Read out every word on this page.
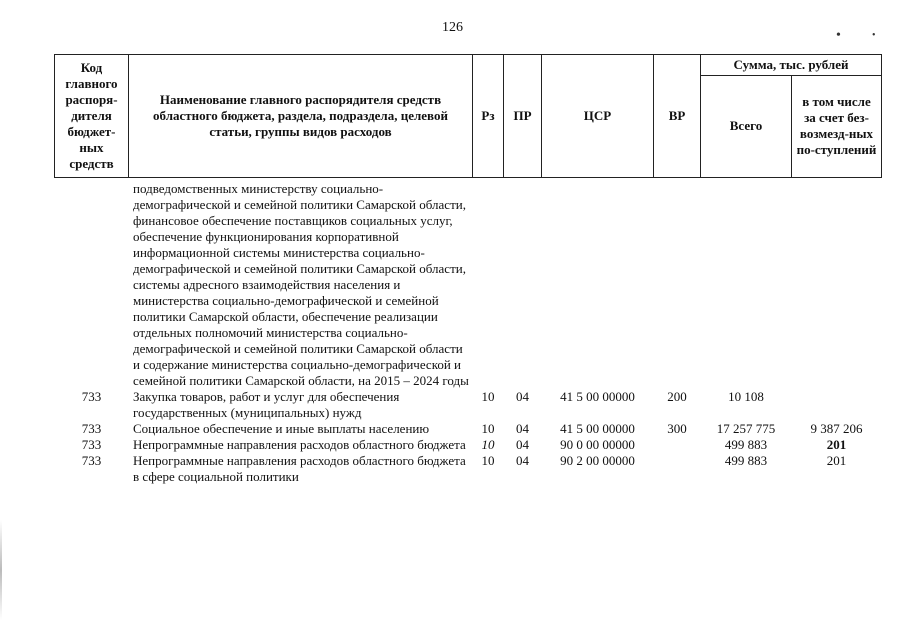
126
•	•
Код главного распоря-дителя бюджет-ных средств	Наименование главного распорядителя средств областного бюджета, раздела, подраздела, целевой статьи, группы видов расходов	Рз	ПР	ЦСР	ВР	Сумма, тыс. рублей	
						Всего	в том числе за счет без-возмезд-ных по-ступлений
	подведомственных министерству социально-демографической и семейной политики Самарской области, финансовое обеспечение поставщиков социальных услуг, обеспечение функционирования корпоративной информационной системы министерства социально-демографической и семейной политики Самарской области, системы адресного взаимодействия населения и министерства социально-демографической и семейной политики Самарской области, обеспечение реализации отдельных полномочий министерства социально-демографической и семейной политики Самарской области и содержание министерства социально-демографической и семейной политики Самарской области, на 2015 – 2024 годы						
733	Закупка товаров, работ и услуг для обеспечения государственных (муниципальных) нужд	10	04	41 5 00 00000	200	10 108	
733	Социальное обеспечение и иные выплаты населению	10	04	41 5 00 00000	300	17 257 775	9 387 206
733	Непрограммные направления расходов областного бюджета	10	04	90 0 00 00000		499 883	201
733	Непрограммные направления расходов областного бюджета в сфере социальной политики	10	04	90 2 00 00000		499 883	201
